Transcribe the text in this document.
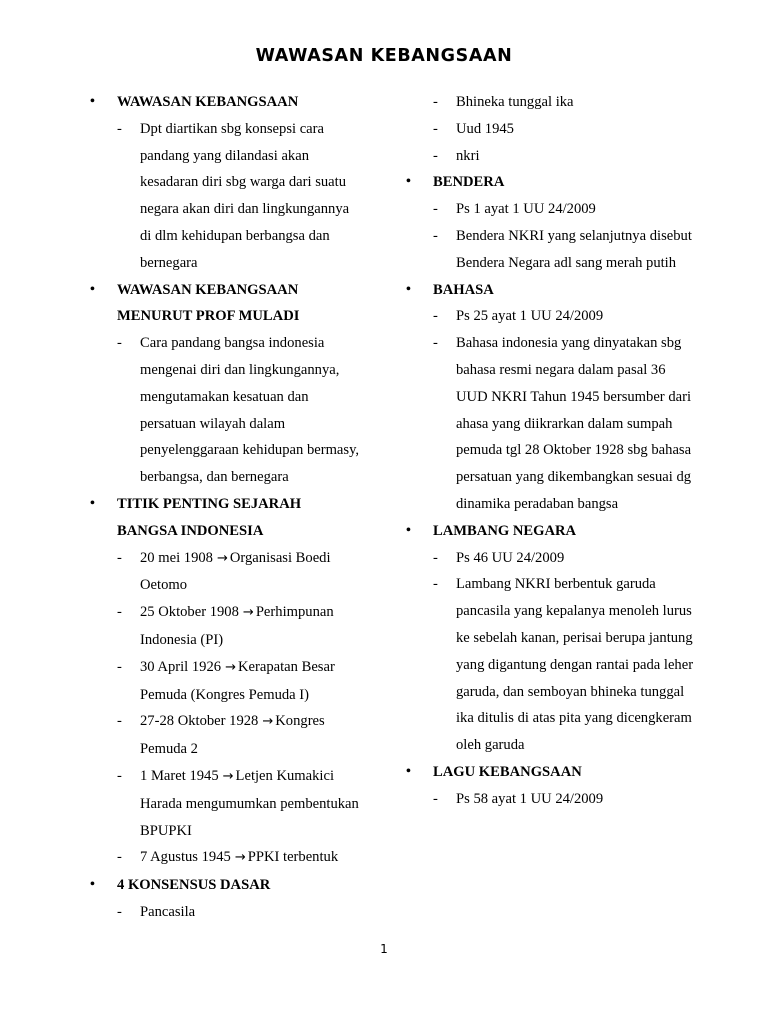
WAWASAN KEBANGSAAN
•	WAWASAN KEBANGSAAN
-	Dpt diartikan sbg konsepsi cara pandang yang dilandasi akan kesadaran diri sbg warga dari suatu negara akan diri dan lingkungannya di dlm kehidupan berbangsa dan bernegara
•	WAWASAN KEBANGSAAN MENURUT PROF MULADI
-	Cara pandang bangsa indonesia mengenai diri dan lingkungannya, mengutamakan kesatuan dan persatuan wilayah dalam penyelenggaraan kehidupan bermasy, berbangsa, dan bernegara
•	TITIK PENTING SEJARAH BANGSA INDONESIA
-	20 mei 1908 → Organisasi Boedi Oetomo
-	25 Oktober 1908 → Perhimpunan Indonesia (PI)
-	30 April 1926 → Kerapatan Besar Pemuda (Kongres Pemuda I)
-	27-28 Oktober 1928 → Kongres Pemuda 2
-	1 Maret 1945 → Letjen Kumakici Harada mengumumkan pembentukan BPUPKI
-	7 Agustus 1945 → PPKI terbentuk
•	4 KONSENSUS DASAR
-	Pancasila
-	Bhineka tunggal ika
-	Uud 1945
-	nkri
•	BENDERA
-	Ps 1 ayat 1 UU 24/2009
-	Bendera NKRI yang selanjutnya disebut Bendera Negara adl sang merah putih
•	BAHASA
-	Ps 25 ayat 1 UU 24/2009
-	Bahasa indonesia yang dinyatakan sbg bahasa resmi negara dalam pasal 36 UUD NKRI Tahun 1945 bersumber dari ahasa yang diikrarkan dalam sumpah pemuda tgl 28 Oktober 1928 sbg bahasa persatuan yang dikembangkan sesuai dg dinamika peradaban bangsa
•	LAMBANG NEGARA
-	Ps 46 UU 24/2009
-	Lambang NKRI berbentuk garuda pancasila yang kepalanya menoleh lurus ke sebelah kanan, perisai berupa jantung yang digantung dengan rantai pada leher garuda, dan semboyan bhineka tunggal ika ditulis di atas pita yang dicengkeram oleh garuda
•	LAGU KEBANGSAAN
-	Ps 58 ayat 1 UU 24/2009
1
